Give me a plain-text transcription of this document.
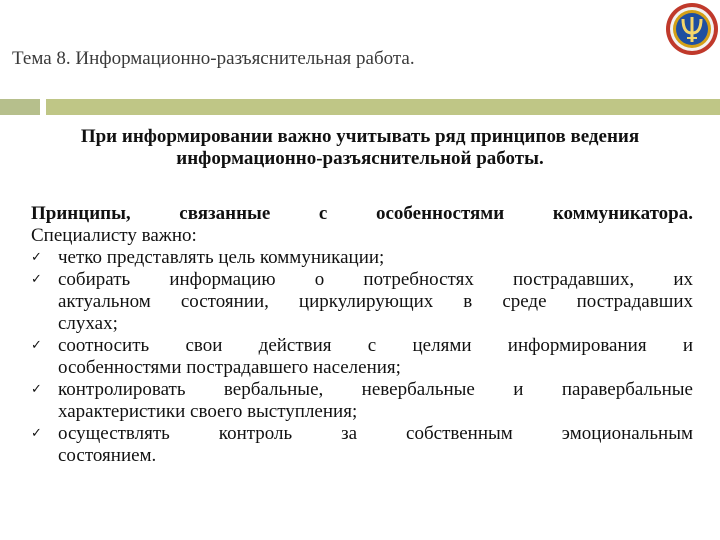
Тема 8. Информационно-разъяснительная работа.
При информировании важно учитывать ряд принципов ведения
информационно-разъяснительной работы.
Принципы, связанные с особенностями коммуникатора.
Специалисту важно:
✓ четко представлять цель коммуникации;
✓ собирать информацию о потребностях пострадавших, их
актуальном состоянии, циркулирующих в среде пострадавших
слухах;
✓ соотносить свои действия с целями информирования и
особенностями пострадавшего населения;
✓ контролировать вербальные, невербальные и паравербальные
характеристики своего выступления;
✓ осуществлять контроль за собственным эмоциональным
состоянием.
